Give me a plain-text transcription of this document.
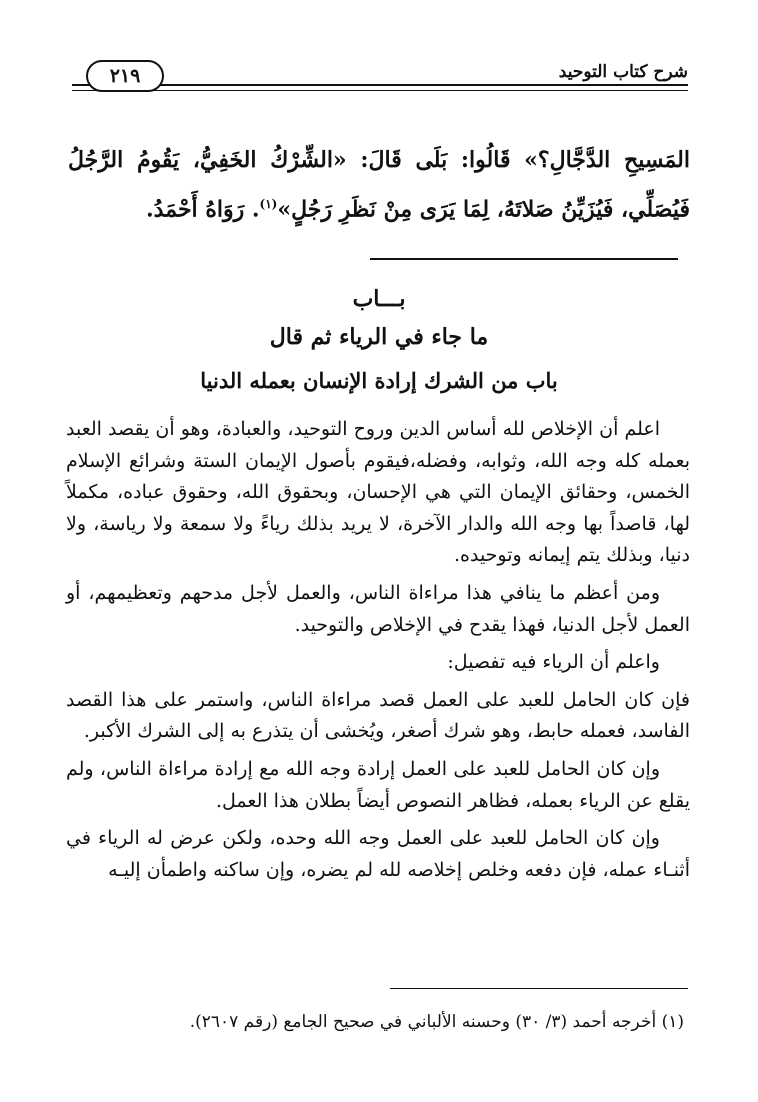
شرح كتاب التوحيد
٢١٩
المَسِيحِ الدَّجَّالِ؟» قَالُوا: بَلَى قَالَ: «الشِّرْكُ الخَفِيُّ، يَقُومُ الرَّجُلُ فَيُصَلِّي، فَيُزَيِّنُ صَلاتَهُ، لِمَا يَرَى مِنْ نَظَرِ رَجُلٍ»$^{(١)}$. رَوَاهُ أَحْمَدُ.
بـــاب
ما جاء في الرياء ثم قال
باب من الشرك إرادة الإنسان بعمله الدنيا

اعلم أن الإخلاص لله أساس الدين وروح التوحيد، والعبادة، وهو أن يقصد العبد بعمله كله وجه الله، وثوابه، وفضله،فيقوم بأصول الإيمان الستة وشرائع الإسلام الخمس، وحقائق الإيمان التي هي الإحسان، وبحقوق الله، وحقوق عباده، مكملاً لها، قاصداً بها وجه الله والدار الآخرة، لا يريد بذلك رياءً ولا سمعة ولا رياسة، ولا دنيا، وبذلك يتم إيمانه وتوحيده.

ومن أعظم ما ينافي هذا مراءاة الناس، والعمل لأجل مدحهم وتعظيمهم، أو العمل لأجل الدنيا، فهذا يقدح في الإخلاص والتوحيد.

واعلم أن الرياء فيه تفصيل:

فإن كان الحامل للعبد على العمل قصد مراءاة الناس، واستمر على هذا القصد الفاسد، فعمله حابط، وهو شرك أصغر، ويُخشى أن يتذرع به إلى الشرك الأكبر.

وإن كان الحامل للعبد على العمل إرادة وجه الله مع إرادة مراءاة الناس، ولم يقلع عن الرياء بعمله، فظاهر النصوص أيضاً بطلان هذا العمل.

وإن كان الحامل للعبد على العمل وجه الله وحده، ولكن عرض له الرياء في أثنـاء عمله، فإن دفعه وخلص إخلاصه لله لم يضره، وإن ساكنه واطمأن إليـه

(١) أخرجه أحمد (٣/ ٣٠) وحسنه الألباني في صحيح الجامع (رقم ٢٦٠٧).
